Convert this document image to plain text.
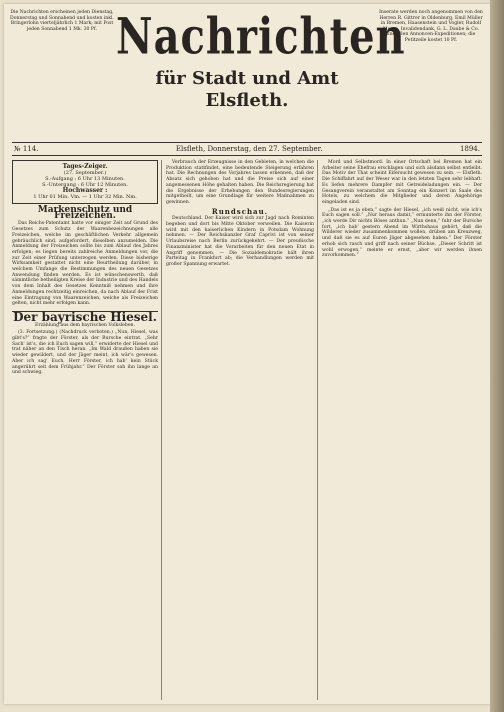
Die Nachrichten erscheinen jeden Dienstag, Donnerstag und Sonnabend und kosten inkl. Bringerlohn vierteljährlich 1 Mark; mit Post jeden Sonnabend 1 Mk. 30 Pf. Nachrichten
für Stadt und Amt Elsfleth.
Inserate werden noch angenommen von den Herren R. Gittrer in Oldenburg, Emil Müller in Bremen, Haasenstein und Vogler, Rudolf Mosse, Invalidendank, G. L. Daube & Co. und allen Annoncen-Expeditionen; die Petitzeile kostet 10 Pf.
№ 114.	Elsfleth, Donnerstag, den 27. September.	1894.
Tages-Zeiger.
(27. September.)
S.-Aufgang : 6 Uhr 13 Minuten.
S.-Untergang : 6 Uhr 12 Minuten.
Hochwasser :
1 Uhr 01 Min. Vm. — 1 Uhr 32 Min. Nm.
Markenschutz und Freizeichen.

Das Reichs-Patentamt hatte vor einiger Zeit auf Grund des Gesetzes zum Schutz der Waarenbezeichnungen alle Freizeichen, welche im geschäftlichen Verkehr allgemein gebräuchlich sind, aufgefordert, dieselben anzumelden. Die Anmeldung der Freizeichen sollte bis zum Ablauf des Jahres erfolgen; es liegen bereits zahlreiche Anmeldungen vor, die zur Zeit einer Prüfung unterzogen werden. Diese bisherige Wirksamkeit gestattet nicht eine Beurtheilung darüber, in welchem Umfange die Bestimmungen des neuen Gesetzes Anwendung finden werden. Es ist wünschenswerth, daß sämmtliche betheiligten Kreise der Industrie und des Handels von dem Inhalt des Gesetzes Kenntniß nehmen und ihre Anmeldungen rechtzeitig einreichen, da nach Ablauf der Frist eine Eintragung von Waarenzeichen, welche als Freizeichen gelten, nicht mehr erfolgen kann.

Der bayrische Hiesel.
Erzählung aus dem bayrischen Volksleben.

(3. Fortsetzung.) (Nachdruck verboten.) „Nun, Hiesel, was gibt's?“ fragte der Förster, als der Bursche eintrat. „Sehr Sach' ist's, die ich Euch sagen will,“ erwiderte der Hiesel und trat näher an den Tisch heran. „Im Wald draußen haben sie wieder gewildert, und der Jäger meint, ich wär's gewesen. Aber ich sag' Euch, Herr Förster, ich hab' kein Stück angerührt seit dem Frühjahr.“ Der Förster sah ihn lange an und schwieg.

Verbrauch der Erzeugnisse in den Gebieten, in welchen die Produktion stattfindet, eine bedeutende Steigerung erfahren hat. Die Rechnungen des Vorjahres lassen erkennen, daß der Absatz sich gehoben hat und die Preise sich auf einer angemessenen Höhe gehalten haben. Die Reichsregierung hat die Ergebnisse der Erhebungen den Bundesregierungen mitgetheilt, um eine Grundlage für weitere Maßnahmen zu gewinnen.

Rundschau.

Deutschland. Der Kaiser wird sich zur Jagd nach Rominten begeben und dort bis Mitte Oktober verweilen. Die Kaiserin wird mit den kaiserlichen Kindern in Potsdam Wohnung nehmen. — Der Reichskanzler Graf Caprivi ist von seiner Urlaubsreise nach Berlin zurückgekehrt. — Der preußische Finanzminister hat die Vorarbeiten für den neuen Etat in Angriff genommen. — Die Sozialdemokratie hält ihren Parteitag in Frankfurt ab; die Verhandlungen werden mit großer Spannung erwartet.

Mord und Selbstmord. In einer Ortschaft bei Bremen hat ein Arbeiter seine Ehefrau erschlagen und sich alsdann selbst entleibt. Das Motiv der That scheint Eifersucht gewesen zu sein. — Elsfleth. Die Schiffahrt auf der Weser war in den letzten Tagen sehr lebhaft. Es liefen mehrere Dampfer mit Getreideladungen ein. — Der Gesangverein veranstaltet am Sonntag ein Konzert im Saale des Hotels, zu welchem die Mitglieder und deren Angehörige eingeladen sind.

„Das ist es ja eben,“ sagte der Hiesel, „ich weiß nicht, wie ich's Euch sagen soll.“ „Nur heraus damit,“ ermunterte ihn der Förster, „ich werde Dir nichts Böses anthun.“ „Nun denn,“ fuhr der Bursche fort, „ich hab' gestern Abend im Wirthshaus gehört, daß die Wilderer wieder zusammenkommen wollen, drüben am Kreuzweg, und daß sie es auf Euren Jäger abgesehen haben.“ Der Förster erhob sich rasch und griff nach seiner Büchse. „Dieser Schritt ist wohl erwogen,“ meinte er ernst, „aber wir werden ihnen zuvorkommen.“
